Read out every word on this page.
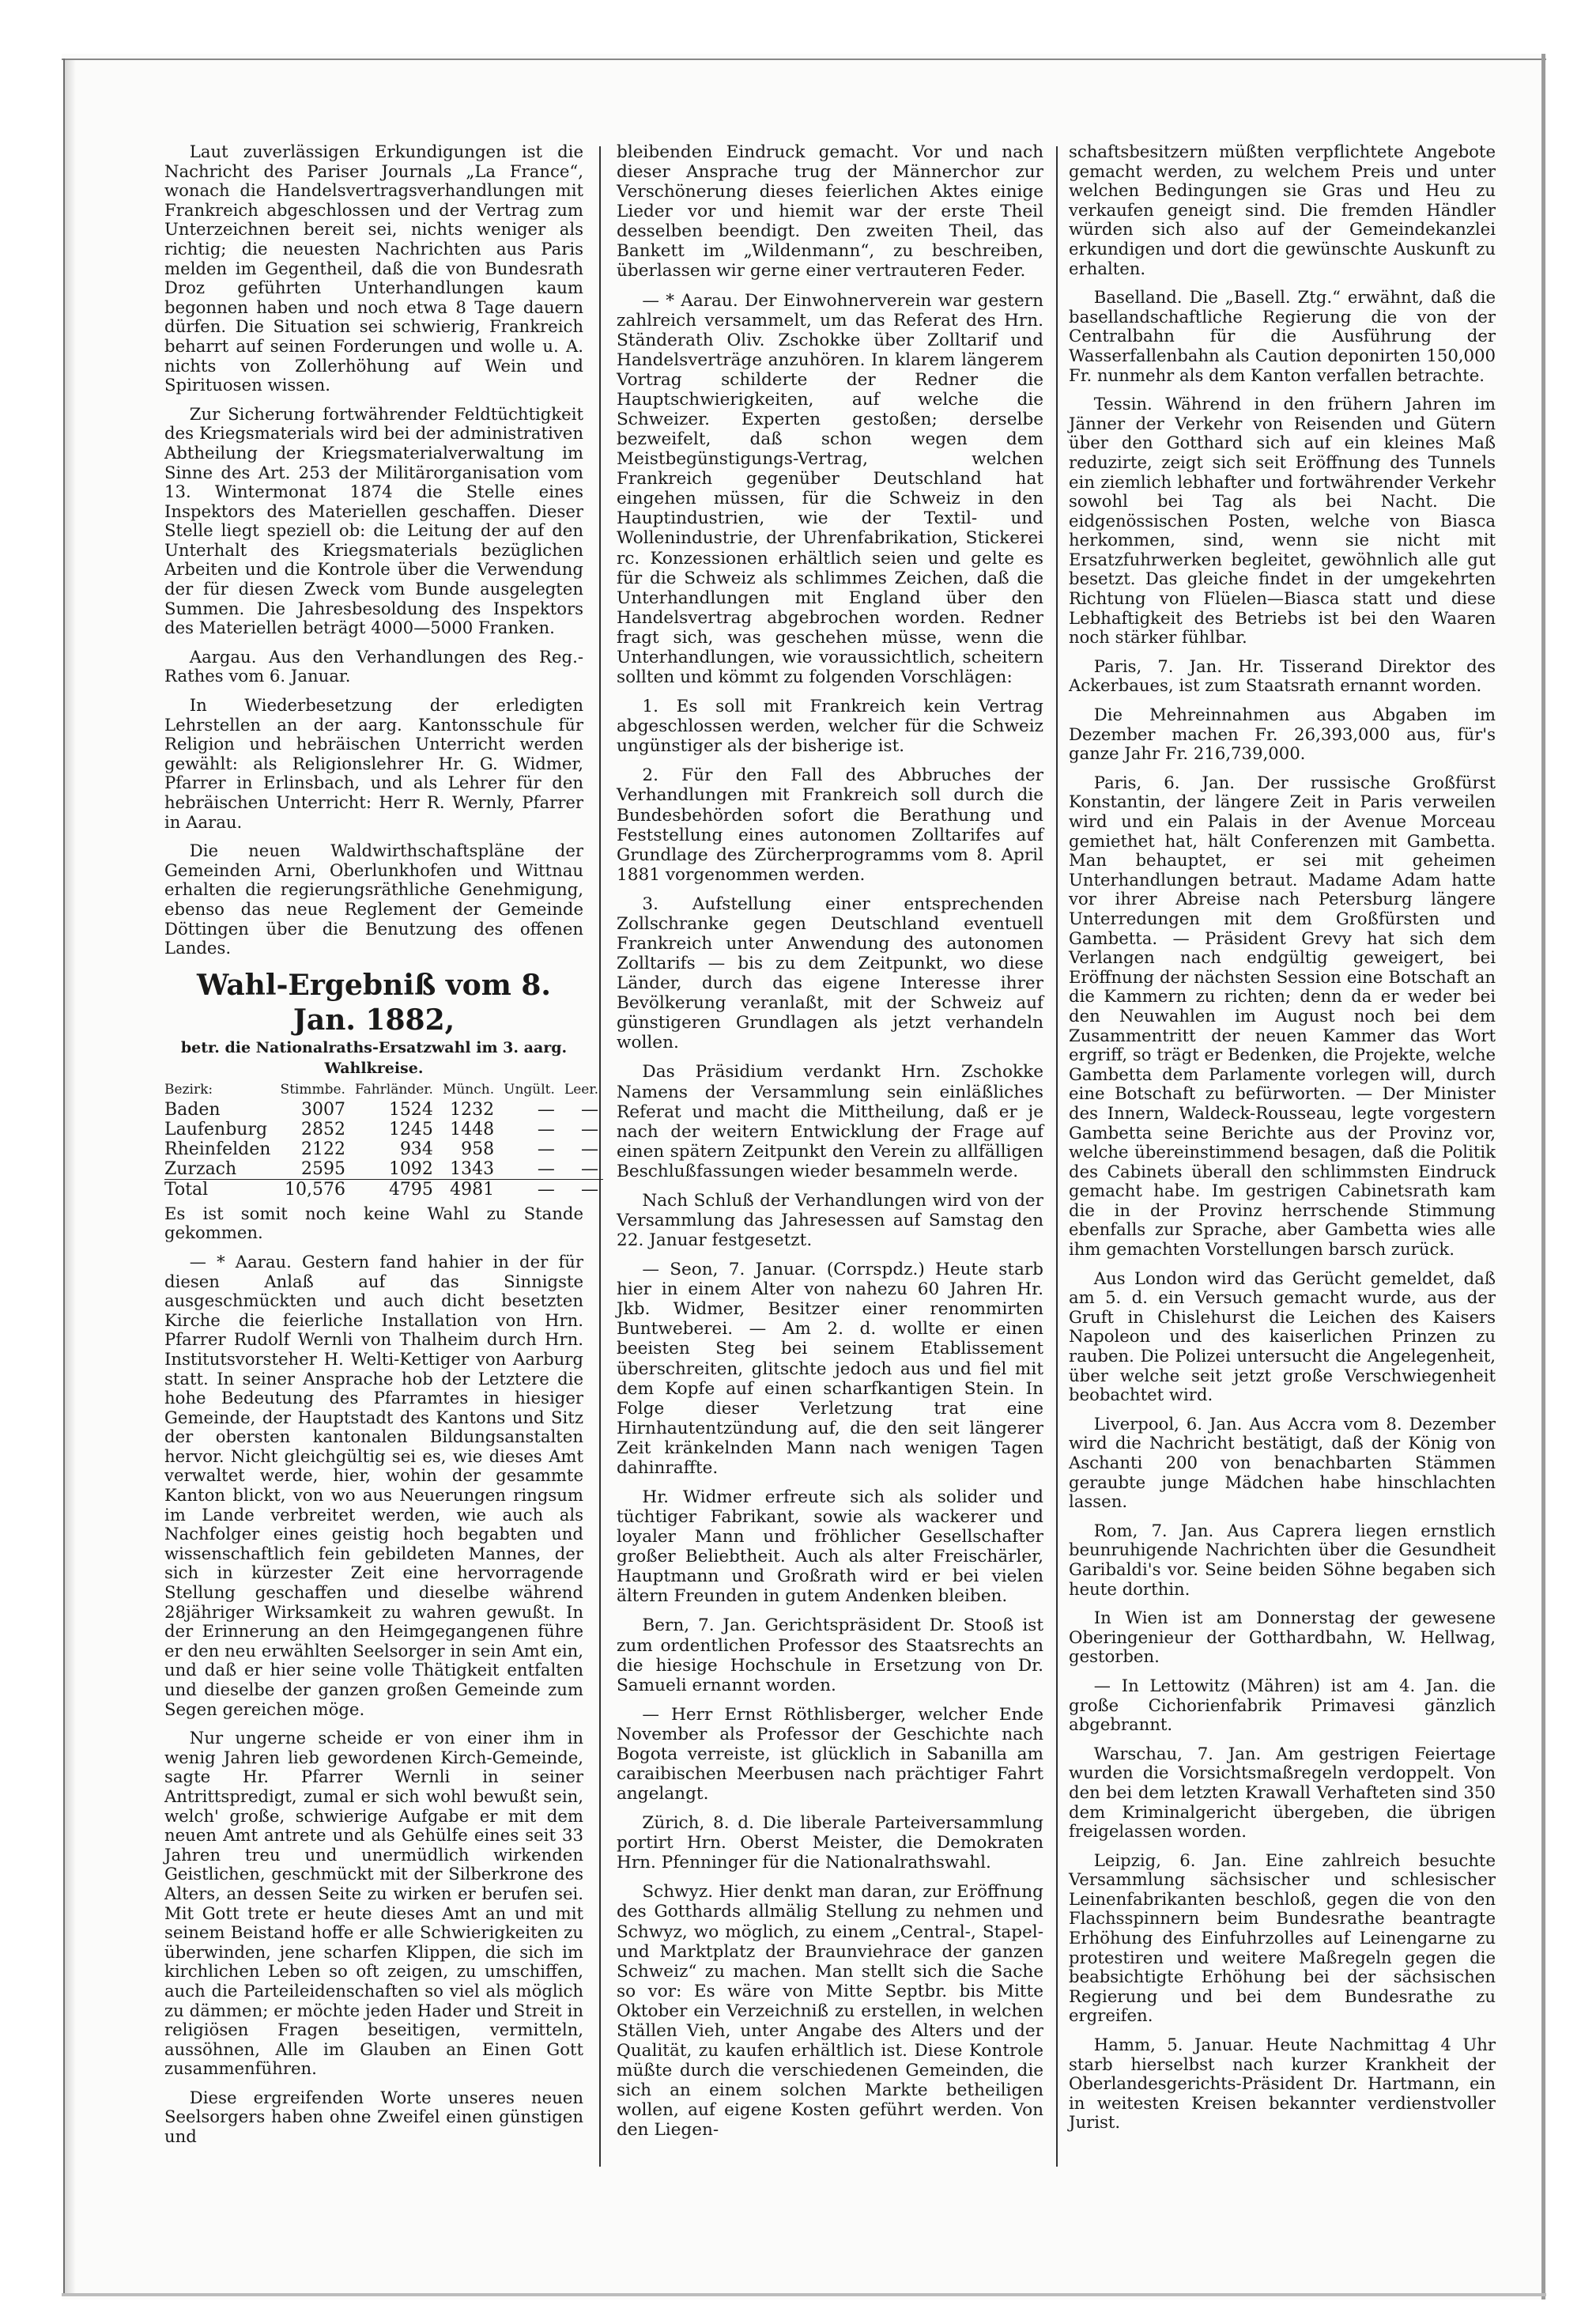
Laut zuverlässigen Erkundigungen ist die Nachricht des Pariser Journals „La France“, wonach die Handelsvertragsverhandlungen mit Frankreich abgeschlossen und der Vertrag zum Unterzeichnen bereit sei, nichts weniger als richtig; die neuesten Nachrichten aus Paris melden im Gegentheil, daß die von Bundesrath Droz geführten Unterhandlungen kaum begonnen haben und noch etwa 8 Tage dauern dürfen. Die Situation sei schwierig, Frankreich beharrt auf seinen Forderungen und wolle u. A. nichts von Zollerhöhung auf Wein und Spirituosen wissen.

Zur Sicherung fortwährender Feldtüchtigkeit des Kriegsmaterials wird bei der administrativen Abtheilung der Kriegsmaterialverwaltung im Sinne des Art. 253 der Militärorganisation vom 13. Wintermonat 1874 die Stelle eines Inspektors des Materiellen geschaffen. Dieser Stelle liegt speziell ob: die Leitung der auf den Unterhalt des Kriegsmaterials bezüglichen Arbeiten und die Kontrole über die Verwendung der für diesen Zweck vom Bunde ausgelegten Summen. Die Jahresbesoldung des Inspektors des Materiellen beträgt 4000—5000 Franken.

Aargau. Aus den Verhandlungen des Reg.-Rathes vom 6. Januar.

In Wiederbesetzung der erledigten Lehrstellen an der aarg. Kantonsschule für Religion und hebräischen Unterricht werden gewählt: als Religionslehrer Hr. G. Widmer, Pfarrer in Erlinsbach, und als Lehrer für den hebräischen Unterricht: Herr R. Wernly, Pfarrer in Aarau.

Die neuen Waldwirthschaftspläne der Gemeinden Arni, Oberlunkhofen und Wittnau erhalten die regierungsräthliche Genehmigung, ebenso das neue Reglement der Gemeinde Döttingen über die Benutzung des offenen Landes.

Wahl-Ergebniß vom 8. Jan. 1882,
betr. die Nationalraths-Ersatzwahl im 3. aarg. Wahlkreise.
Bezirk:	Stimmbe.	Fahrländer.	Münch.	Ungült.	Leer.
Baden	3007	1524	1232	—	—
Laufenburg	2852	1245	1448	—	—
Rheinfelden	2122	934	958	—	—
Zurzach	2595	1092	1343	—	—
Total	10,576	4795	4981	—	—

Es ist somit noch keine Wahl zu Stande gekommen.

— * Aarau. Gestern fand hahier in der für diesen Anlaß auf das Sinnigste ausgeschmückten und auch dicht besetzten Kirche die feierliche Installation von Hrn. Pfarrer Rudolf Wernli von Thalheim durch Hrn. Institutsvorsteher H. Welti-Kettiger von Aarburg statt. In seiner Ansprache hob der Letztere die hohe Bedeutung des Pfarramtes in hiesiger Gemeinde, der Hauptstadt des Kantons und Sitz der obersten kantonalen Bildungsanstalten hervor. Nicht gleichgültig sei es, wie dieses Amt verwaltet werde, hier, wohin der gesammte Kanton blickt, von wo aus Neuerungen ringsum im Lande verbreitet werden, wie auch als Nachfolger eines geistig hoch begabten und wissenschaftlich fein gebildeten Mannes, der sich in kürzester Zeit eine hervorragende Stellung geschaffen und dieselbe während 28jähriger Wirksamkeit zu wahren gewußt. In der Erinnerung an den Heimgegangenen führe er den neu erwählten Seelsorger in sein Amt ein, und daß er hier seine volle Thätigkeit entfalten und dieselbe der ganzen großen Gemeinde zum Segen gereichen möge.

Nur ungerne scheide er von einer ihm in wenig Jahren lieb gewordenen Kirch-Gemeinde, sagte Hr. Pfarrer Wernli in seiner Antrittspredigt, zumal er sich wohl bewußt sein, welch' große, schwierige Aufgabe er mit dem neuen Amt antrete und als Gehülfe eines seit 33 Jahren treu und unermüdlich wirkenden Geistlichen, geschmückt mit der Silberkrone des Alters, an dessen Seite zu wirken er berufen sei. Mit Gott trete er heute dieses Amt an und mit seinem Beistand hoffe er alle Schwierigkeiten zu überwinden, jene scharfen Klippen, die sich im kirchlichen Leben so oft zeigen, zu umschiffen, auch die Parteileidenschaften so viel als möglich zu dämmen; er möchte jeden Hader und Streit in religiösen Fragen beseitigen, vermitteln, aussöhnen, Alle im Glauben an Einen Gott zusammenführen.

Diese ergreifenden Worte unseres neuen Seelsorgers haben ohne Zweifel einen günstigen und

bleibenden Eindruck gemacht. Vor und nach dieser Ansprache trug der Männerchor zur Verschönerung dieses feierlichen Aktes einige Lieder vor und hiemit war der erste Theil desselben beendigt. Den zweiten Theil, das Bankett im „Wildenmann“, zu beschreiben, überlassen wir gerne einer vertrauteren Feder.

— * Aarau. Der Einwohnerverein war gestern zahlreich versammelt, um das Referat des Hrn. Ständerath Oliv. Zschokke über Zolltarif und Handelsverträge anzuhören. In klarem längerem Vortrag schilderte der Redner die Hauptschwierigkeiten, auf welche die Schweizer. Experten gestoßen; derselbe bezweifelt, daß schon wegen dem Meistbegünstigungs-Vertrag, welchen Frankreich gegenüber Deutschland hat eingehen müssen, für die Schweiz in den Hauptindustrien, wie der Textil- und Wollenindustrie, der Uhrenfabrikation, Stickerei rc. Konzessionen erhältlich seien und gelte es für die Schweiz als schlimmes Zeichen, daß die Unterhandlungen mit England über den Handelsvertrag abgebrochen worden. Redner fragt sich, was geschehen müsse, wenn die Unterhandlungen, wie voraussichtlich, scheitern sollten und kömmt zu folgenden Vorschlägen:

1. Es soll mit Frankreich kein Vertrag abgeschlossen werden, welcher für die Schweiz ungünstiger als der bisherige ist.

2. Für den Fall des Abbruches der Verhandlungen mit Frankreich soll durch die Bundesbehörden sofort die Berathung und Feststellung eines autonomen Zolltarifes auf Grundlage des Zürcherprogramms vom 8. April 1881 vorgenommen werden.

3. Aufstellung einer entsprechenden Zollschranke gegen Deutschland eventuell Frankreich unter Anwendung des autonomen Zolltarifs — bis zu dem Zeitpunkt, wo diese Länder, durch das eigene Interesse ihrer Bevölkerung veranlaßt, mit der Schweiz auf günstigeren Grundlagen als jetzt verhandeln wollen.

Das Präsidium verdankt Hrn. Zschokke Namens der Versammlung sein einläßliches Referat und macht die Mittheilung, daß er je nach der weitern Entwicklung der Frage auf einen spätern Zeitpunkt den Verein zu allfälligen Beschlußfassungen wieder besammeln werde.

Nach Schluß der Verhandlungen wird von der Versammlung das Jahresessen auf Samstag den 22. Januar festgesetzt.

— Seon, 7. Januar. (Corrspdz.) Heute starb hier in einem Alter von nahezu 60 Jahren Hr. Jkb. Widmer, Besitzer einer renommirten Buntweberei. — Am 2. d. wollte er einen beeisten Steg bei seinem Etablissement überschreiten, glitschte jedoch aus und fiel mit dem Kopfe auf einen scharfkantigen Stein. In Folge dieser Verletzung trat eine Hirnhautentzündung auf, die den seit längerer Zeit kränkelnden Mann nach wenigen Tagen dahinraffte.

Hr. Widmer erfreute sich als solider und tüchtiger Fabrikant, sowie als wackerer und loyaler Mann und fröhlicher Gesellschafter großer Beliebtheit. Auch als alter Freischärler, Hauptmann und Großrath wird er bei vielen ältern Freunden in gutem Andenken bleiben.

Bern, 7. Jan. Gerichtspräsident Dr. Stooß ist zum ordentlichen Professor des Staatsrechts an die hiesige Hochschule in Ersetzung von Dr. Samueli ernannt worden.

— Herr Ernst Röthlisberger, welcher Ende November als Professor der Geschichte nach Bogota verreiste, ist glücklich in Sabanilla am caraibischen Meerbusen nach prächtiger Fahrt angelangt.

Zürich, 8. d. Die liberale Parteiversammlung portirt Hrn. Oberst Meister, die Demokraten Hrn. Pfenninger für die Nationalrathswahl.

Schwyz. Hier denkt man daran, zur Eröffnung des Gotthards allmälig Stellung zu nehmen und Schwyz, wo möglich, zu einem „Central-, Stapel- und Marktplatz der Braunviehrace der ganzen Schweiz“ zu machen. Man stellt sich die Sache so vor: Es wäre von Mitte Septbr. bis Mitte Oktober ein Verzeichniß zu erstellen, in welchen Ställen Vieh, unter Angabe des Alters und der Qualität, zu kaufen erhältlich ist. Diese Kontrole müßte durch die verschiedenen Gemeinden, die sich an einem solchen Markte betheiligen wollen, auf eigene Kosten geführt werden. Von den Liegen-

schaftsbesitzern müßten verpflichtete Angebote gemacht werden, zu welchem Preis und unter welchen Bedingungen sie Gras und Heu zu verkaufen geneigt sind. Die fremden Händler würden sich also auf der Gemeindekanzlei erkundigen und dort die gewünschte Auskunft zu erhalten.

Baselland. Die „Basell. Ztg.“ erwähnt, daß die basellandschaftliche Regierung die von der Centralbahn für die Ausführung der Wasserfallenbahn als Caution deponirten 150,000 Fr. nunmehr als dem Kanton verfallen betrachte.

Tessin. Während in den frühern Jahren im Jänner der Verkehr von Reisenden und Gütern über den Gotthard sich auf ein kleines Maß reduzirte, zeigt sich seit Eröffnung des Tunnels ein ziemlich lebhafter und fortwährender Verkehr sowohl bei Tag als bei Nacht. Die eidgenössischen Posten, welche von Biasca herkommen, sind, wenn sie nicht mit Ersatzfuhrwerken begleitet, gewöhnlich alle gut besetzt. Das gleiche findet in der umgekehrten Richtung von Flüelen—Biasca statt und diese Lebhaftigkeit des Betriebs ist bei den Waaren noch stärker fühlbar.

Paris, 7. Jan. Hr. Tisserand Direktor des Ackerbaues, ist zum Staatsrath ernannt worden.

Die Mehreinnahmen aus Abgaben im Dezember machen Fr. 26,393,000 aus, für's ganze Jahr Fr. 216,739,000.

Paris, 6. Jan. Der russische Großfürst Konstantin, der längere Zeit in Paris verweilen wird und ein Palais in der Avenue Morceau gemiethet hat, hält Conferenzen mit Gambetta. Man behauptet, er sei mit geheimen Unterhandlungen betraut. Madame Adam hatte vor ihrer Abreise nach Petersburg längere Unterredungen mit dem Großfürsten und Gambetta. — Präsident Grevy hat sich dem Verlangen nach endgültig geweigert, bei Eröffnung der nächsten Session eine Botschaft an die Kammern zu richten; denn da er weder bei den Neuwahlen im August noch bei dem Zusammentritt der neuen Kammer das Wort ergriff, so trägt er Bedenken, die Projekte, welche Gambetta dem Parlamente vorlegen will, durch eine Botschaft zu befürworten. — Der Minister des Innern, Waldeck-Rousseau, legte vorgestern Gambetta seine Berichte aus der Provinz vor, welche übereinstimmend besagen, daß die Politik des Cabinets überall den schlimmsten Eindruck gemacht habe. Im gestrigen Cabinetsrath kam die in der Provinz herrschende Stimmung ebenfalls zur Sprache, aber Gambetta wies alle ihm gemachten Vorstellungen barsch zurück.

Aus London wird das Gerücht gemeldet, daß am 5. d. ein Versuch gemacht wurde, aus der Gruft in Chislehurst die Leichen des Kaisers Napoleon und des kaiserlichen Prinzen zu rauben. Die Polizei untersucht die Angelegenheit, über welche seit jetzt große Verschwiegenheit beobachtet wird.

Liverpool, 6. Jan. Aus Accra vom 8. Dezember wird die Nachricht bestätigt, daß der König von Aschanti 200 von benachbarten Stämmen geraubte junge Mädchen habe hinschlachten lassen.

Rom, 7. Jan. Aus Caprera liegen ernstlich beunruhigende Nachrichten über die Gesundheit Garibaldi's vor. Seine beiden Söhne begaben sich heute dorthin.

In Wien ist am Donnerstag der gewesene Oberingenieur der Gotthardbahn, W. Hellwag, gestorben.

— In Lettowitz (Mähren) ist am 4. Jan. die große Cichorienfabrik Primavesi gänzlich abgebrannt.

Warschau, 7. Jan. Am gestrigen Feiertage wurden die Vorsichtsmaßregeln verdoppelt. Von den bei dem letzten Krawall Verhafteten sind 350 dem Kriminalgericht übergeben, die übrigen freigelassen worden.

Leipzig, 6. Jan. Eine zahlreich besuchte Versammlung sächsischer und schlesischer Leinenfabrikanten beschloß, gegen die von den Flachsspinnern beim Bundesrathe beantragte Erhöhung des Einfuhrzolles auf Leinengarne zu protestiren und weitere Maßregeln gegen die beabsichtigte Erhöhung bei der sächsischen Regierung und bei dem Bundesrathe zu ergreifen.

Hamm, 5. Januar. Heute Nachmittag 4 Uhr starb hierselbst nach kurzer Krankheit der Oberlandesgerichts-Präsident Dr. Hartmann, ein in weitesten Kreisen bekannter verdienstvoller Jurist.
